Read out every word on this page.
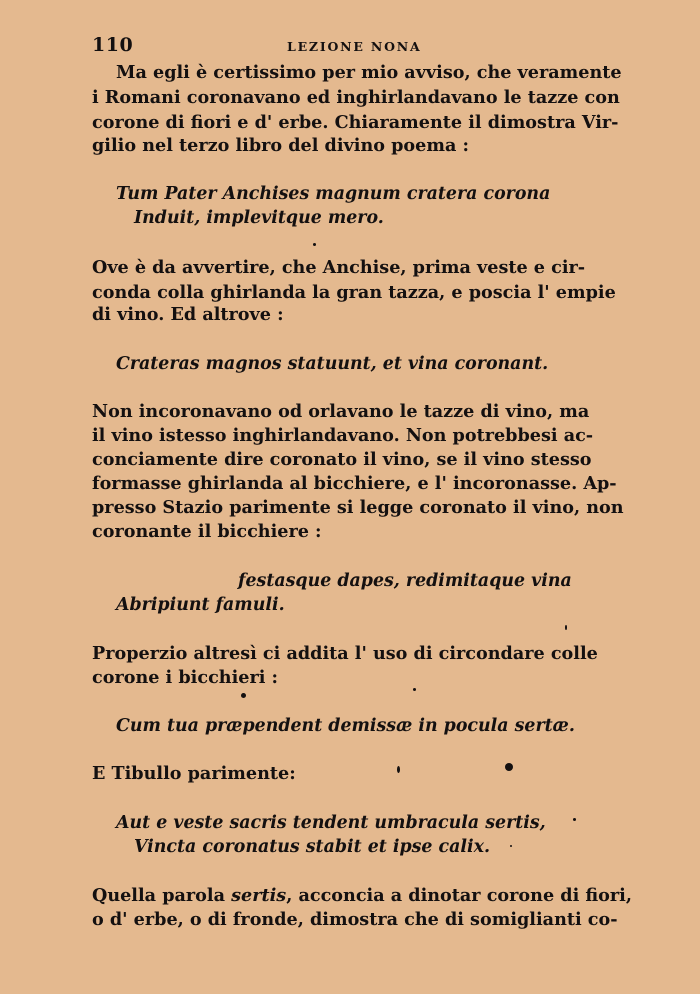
110	LEZIONE NONA
Ma egli è certissimo per mio avviso, che veramente
i Romani coronavano ed inghirlandavano le tazze con
corone di fiori e d' erbe. Chiaramente il dimostra Vir-
gilio nel terzo libro del divino poema :
Tum Pater Anchises magnum cratera corona
Induit, implevitque mero.
Ove è da avvertire, che Anchise, prima veste e cir-
conda colla ghirlanda la gran tazza, e poscia l' empie
di vino. Ed altrove :
Crateras magnos statuunt, et vina coronant.
Non incoronavano od orlavano le tazze di vino, ma
il vino istesso inghirlandavano. Non potrebbesi ac-
conciamente dire coronato il vino, se il vino stesso
formasse ghirlanda al bicchiere, e l' incoronasse. Ap-
presso Stazio parimente si legge coronato il vino, non
coronante il bicchiere :
festasque dapes, redimitaque vina
Abripiunt famuli.
Properzio altresì ci addita l' uso di circondare colle
corone i bicchieri :
Cum tua præpendent demissæ in pocula sertæ.
E Tibullo parimente:
Aut e veste sacris tendent umbracula sertis,
Vincta coronatus stabit et ipse calix.
Quella parola sertis, acconcia a dinotar corone di fiori,
o d' erbe, o di fronde, dimostra che di somiglianti co-
